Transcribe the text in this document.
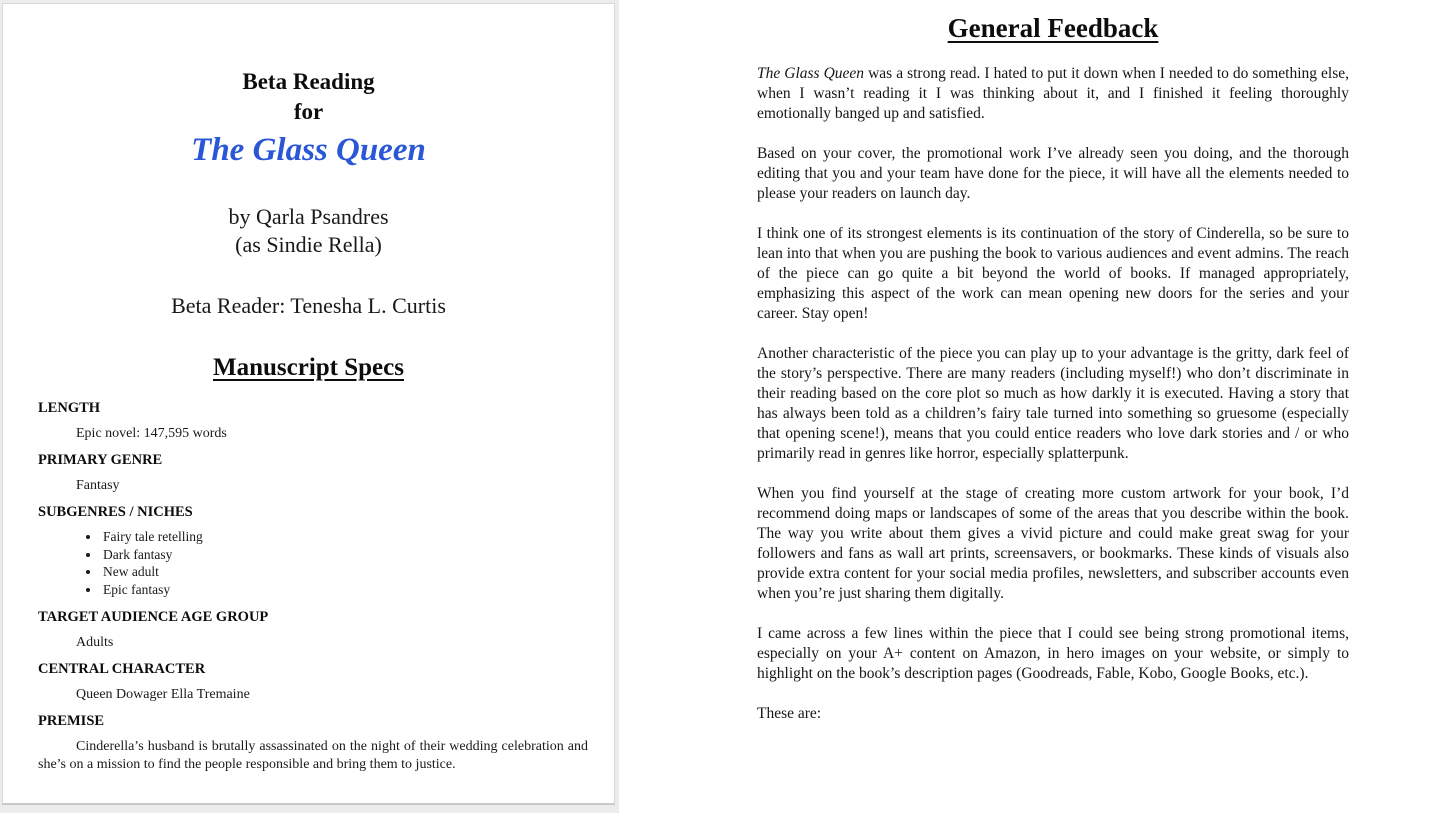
Beta Reading
for
The Glass Queen
by Qarla Psandres
(as Sindie Rella)
Beta Reader: Tenesha L. Curtis
Manuscript Specs
LENGTH
Epic novel: 147,595 words
PRIMARY GENRE
Fantasy
SUBGENRES / NICHES
• Fairy tale retelling
• Dark fantasy
• New adult
• Epic fantasy
TARGET AUDIENCE AGE GROUP
Adults
CENTRAL CHARACTER
Queen Dowager Ella Tremaine
PREMISE

Cinderella’s husband is brutally assassinated on the night of their wedding celebration and she’s on a mission to find the people responsible and bring them to justice.

General Feedback

The Glass Queen was a strong read. I hated to put it down when I needed to do something else, when I wasn’t reading it I was thinking about it, and I finished it feeling thoroughly emotionally banged up and satisfied.

Based on your cover, the promotional work I’ve already seen you doing, and the thorough editing that you and your team have done for the piece, it will have all the elements needed to please your readers on launch day.

I think one of its strongest elements is its continuation of the story of Cinderella, so be sure to lean into that when you are pushing the book to various audiences and event admins. The reach of the piece can go quite a bit beyond the world of books. If managed appropriately, emphasizing this aspect of the work can mean opening new doors for the series and your career. Stay open!

Another characteristic of the piece you can play up to your advantage is the gritty, dark feel of the story’s perspective. There are many readers (including myself!) who don’t discriminate in their reading based on the core plot so much as how darkly it is executed. Having a story that has always been told as a children’s fairy tale turned into something so gruesome (especially that opening scene!), means that you could entice readers who love dark stories and / or who primarily read in genres like horror, especially splatterpunk.

When you find yourself at the stage of creating more custom artwork for your book, I’d recommend doing maps or landscapes of some of the areas that you describe within the book. The way you write about them gives a vivid picture and could make great swag for your followers and fans as wall art prints, screensavers, or bookmarks. These kinds of visuals also provide extra content for your social media profiles, newsletters, and subscriber accounts even when you’re just sharing them digitally.

I came across a few lines within the piece that I could see being strong promotional items, especially on your A+ content on Amazon, in hero images on your website, or simply to highlight on the book’s description pages (Goodreads, Fable, Kobo, Google Books, etc.).

These are:
